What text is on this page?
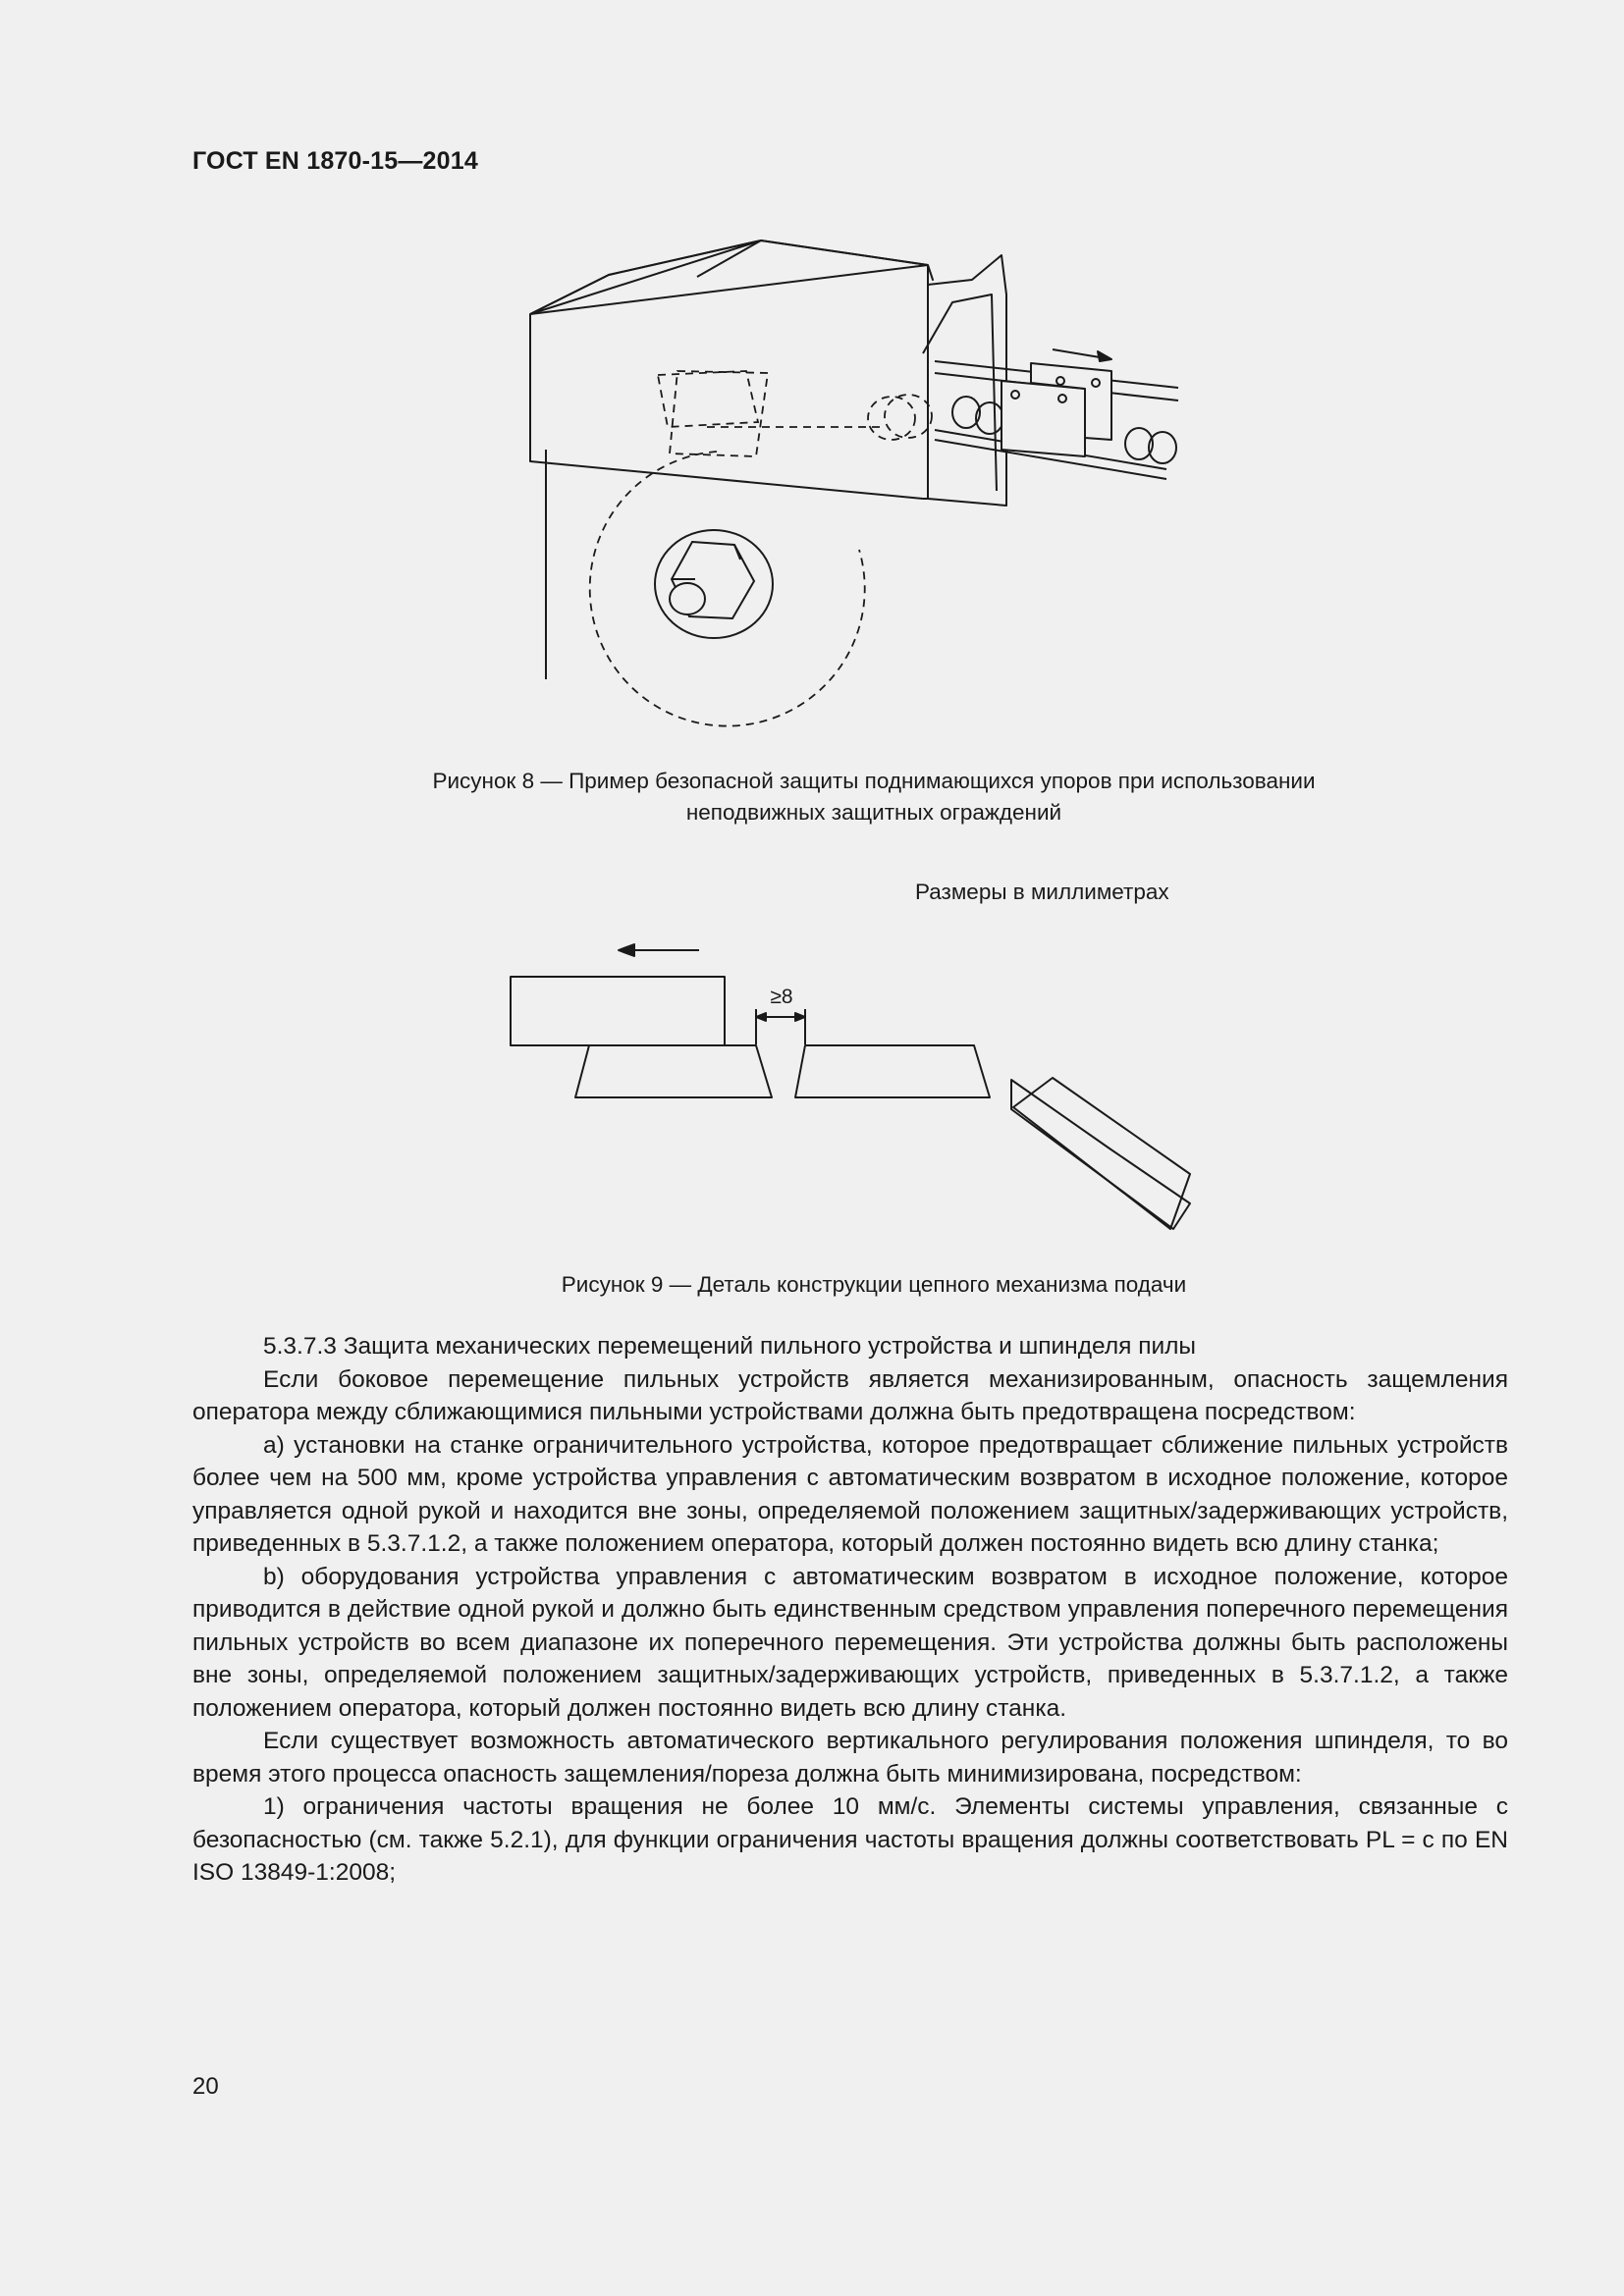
ГОСТ EN 1870-15—2014
Рисунок 8 — Пример безопасной защиты поднимающихся упоров при использовании
неподвижных защитных ограждений
Размеры в миллиметрах
≥8
Рисунок 9 — Деталь конструкции цепного механизма подачи

5.3.7.3 Защита механических перемещений пильного устройства и шпинделя пилы

Если боковое перемещение пильных устройств является механизированным, опасность защемления оператора между сближающимися пильными устройствами должна быть предотвращена посредством:

а) установки на станке ограничительного устройства, которое предотвращает сближение пильных устройств более чем на 500 мм, кроме устройства управления с автоматическим возвратом в исходное положение, которое управляется одной рукой и находится вне зоны, определяемой положением защитных/задерживающих устройств, приведенных в 5.3.7.1.2, а также положением оператора, который должен постоянно видеть всю длину станка;

b) оборудования устройства управления с автоматическим возвратом в исходное положение, которое приводится в действие одной рукой и должно быть единственным средством управления поперечного перемещения пильных устройств во всем диапазоне их поперечного перемещения. Эти устройства должны быть расположены вне зоны, определяемой положением защитных/задерживающих устройств, приведенных в 5.3.7.1.2, а также положением оператора, который должен постоянно видеть всю длину станка.

Если существует возможность автоматического вертикального регулирования положения шпинделя, то во время этого процесса опасность защемления/пореза должна быть минимизирована, посредством:

1) ограничения частоты вращения не более 10 мм/с. Элементы системы управления, связанные с безопасностью (см. также 5.2.1), для функции ограничения частоты вращения должны соответствовать PL = с по EN ISO 13849-1:2008;

20
